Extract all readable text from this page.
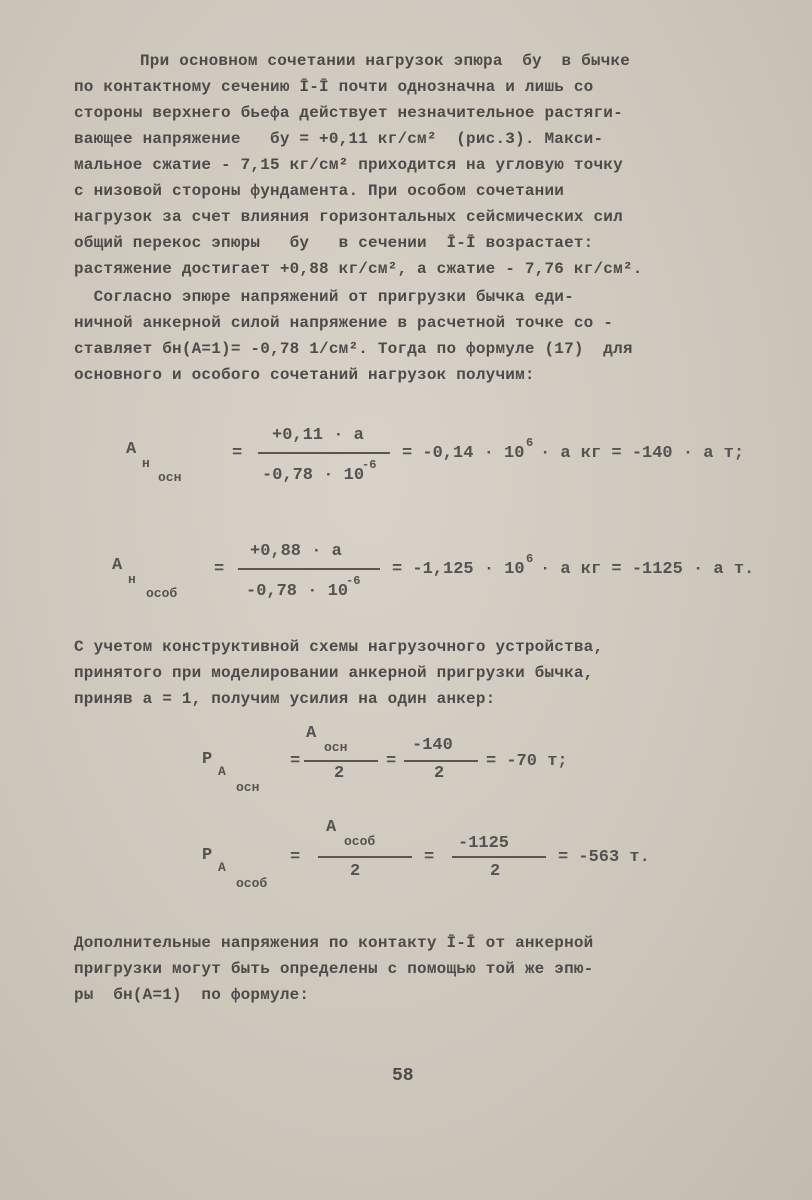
При основном сочетании нагрузок эпюра  бу  в бычке
по контактному сечению Ī-Ī почти однозначна и лишь со
стороны верхнего бьефа действует незначительное растяги-
вающее напряжение   бу = +0,11 кг/см²  (рис.3). Макси-
мальное сжатие - 7,15 кг/см² приходится на угловую точку
с низовой стороны фундамента. При особом сочетании
нагрузок за счет влияния горизонтальных сейсмических сил
общий перекос эпюры   бу   в сечении  Ī-Ī возрастает:
растяжение достигает +0,88 кг/см², а сжатие - 7,76 кг/см².
Согласно эпюре напряжений от пригрузки бычка еди-
ничной анкерной силой напряжение в расчетной точке со -
ставляет бн(А=1)= -0,78 1/см². Тогда по формуле (17)  для
основного и особого сочетаний нагрузок получим:
А
н
осн
=
+0,11 · а
-0,78 · 10
-6
= -0,14 · 10
6
· а кг = -140 · а т;
А
н
особ
=
+0,88 · а
-0,78 · 10
-6
= -1,125 · 10
6
· а кг = -1125 · а т.
С учетом конструктивной схемы нагрузочного устройства,
принятого при моделировании анкерной пригрузки бычка,
приняв а = 1, получим усилия на один анкер:
Р
А
осн
=
А
осн
2
=
-140
2
= -70 т;
Р
А
особ
=
А
особ
2
=
-1125
2
= -563 т.
Дополнительные напряжения по контакту Ī-Ī от анкерной
пригрузки могут быть определены с помощью той же эпю-
ры  бн(А=1)  по формуле:
58
